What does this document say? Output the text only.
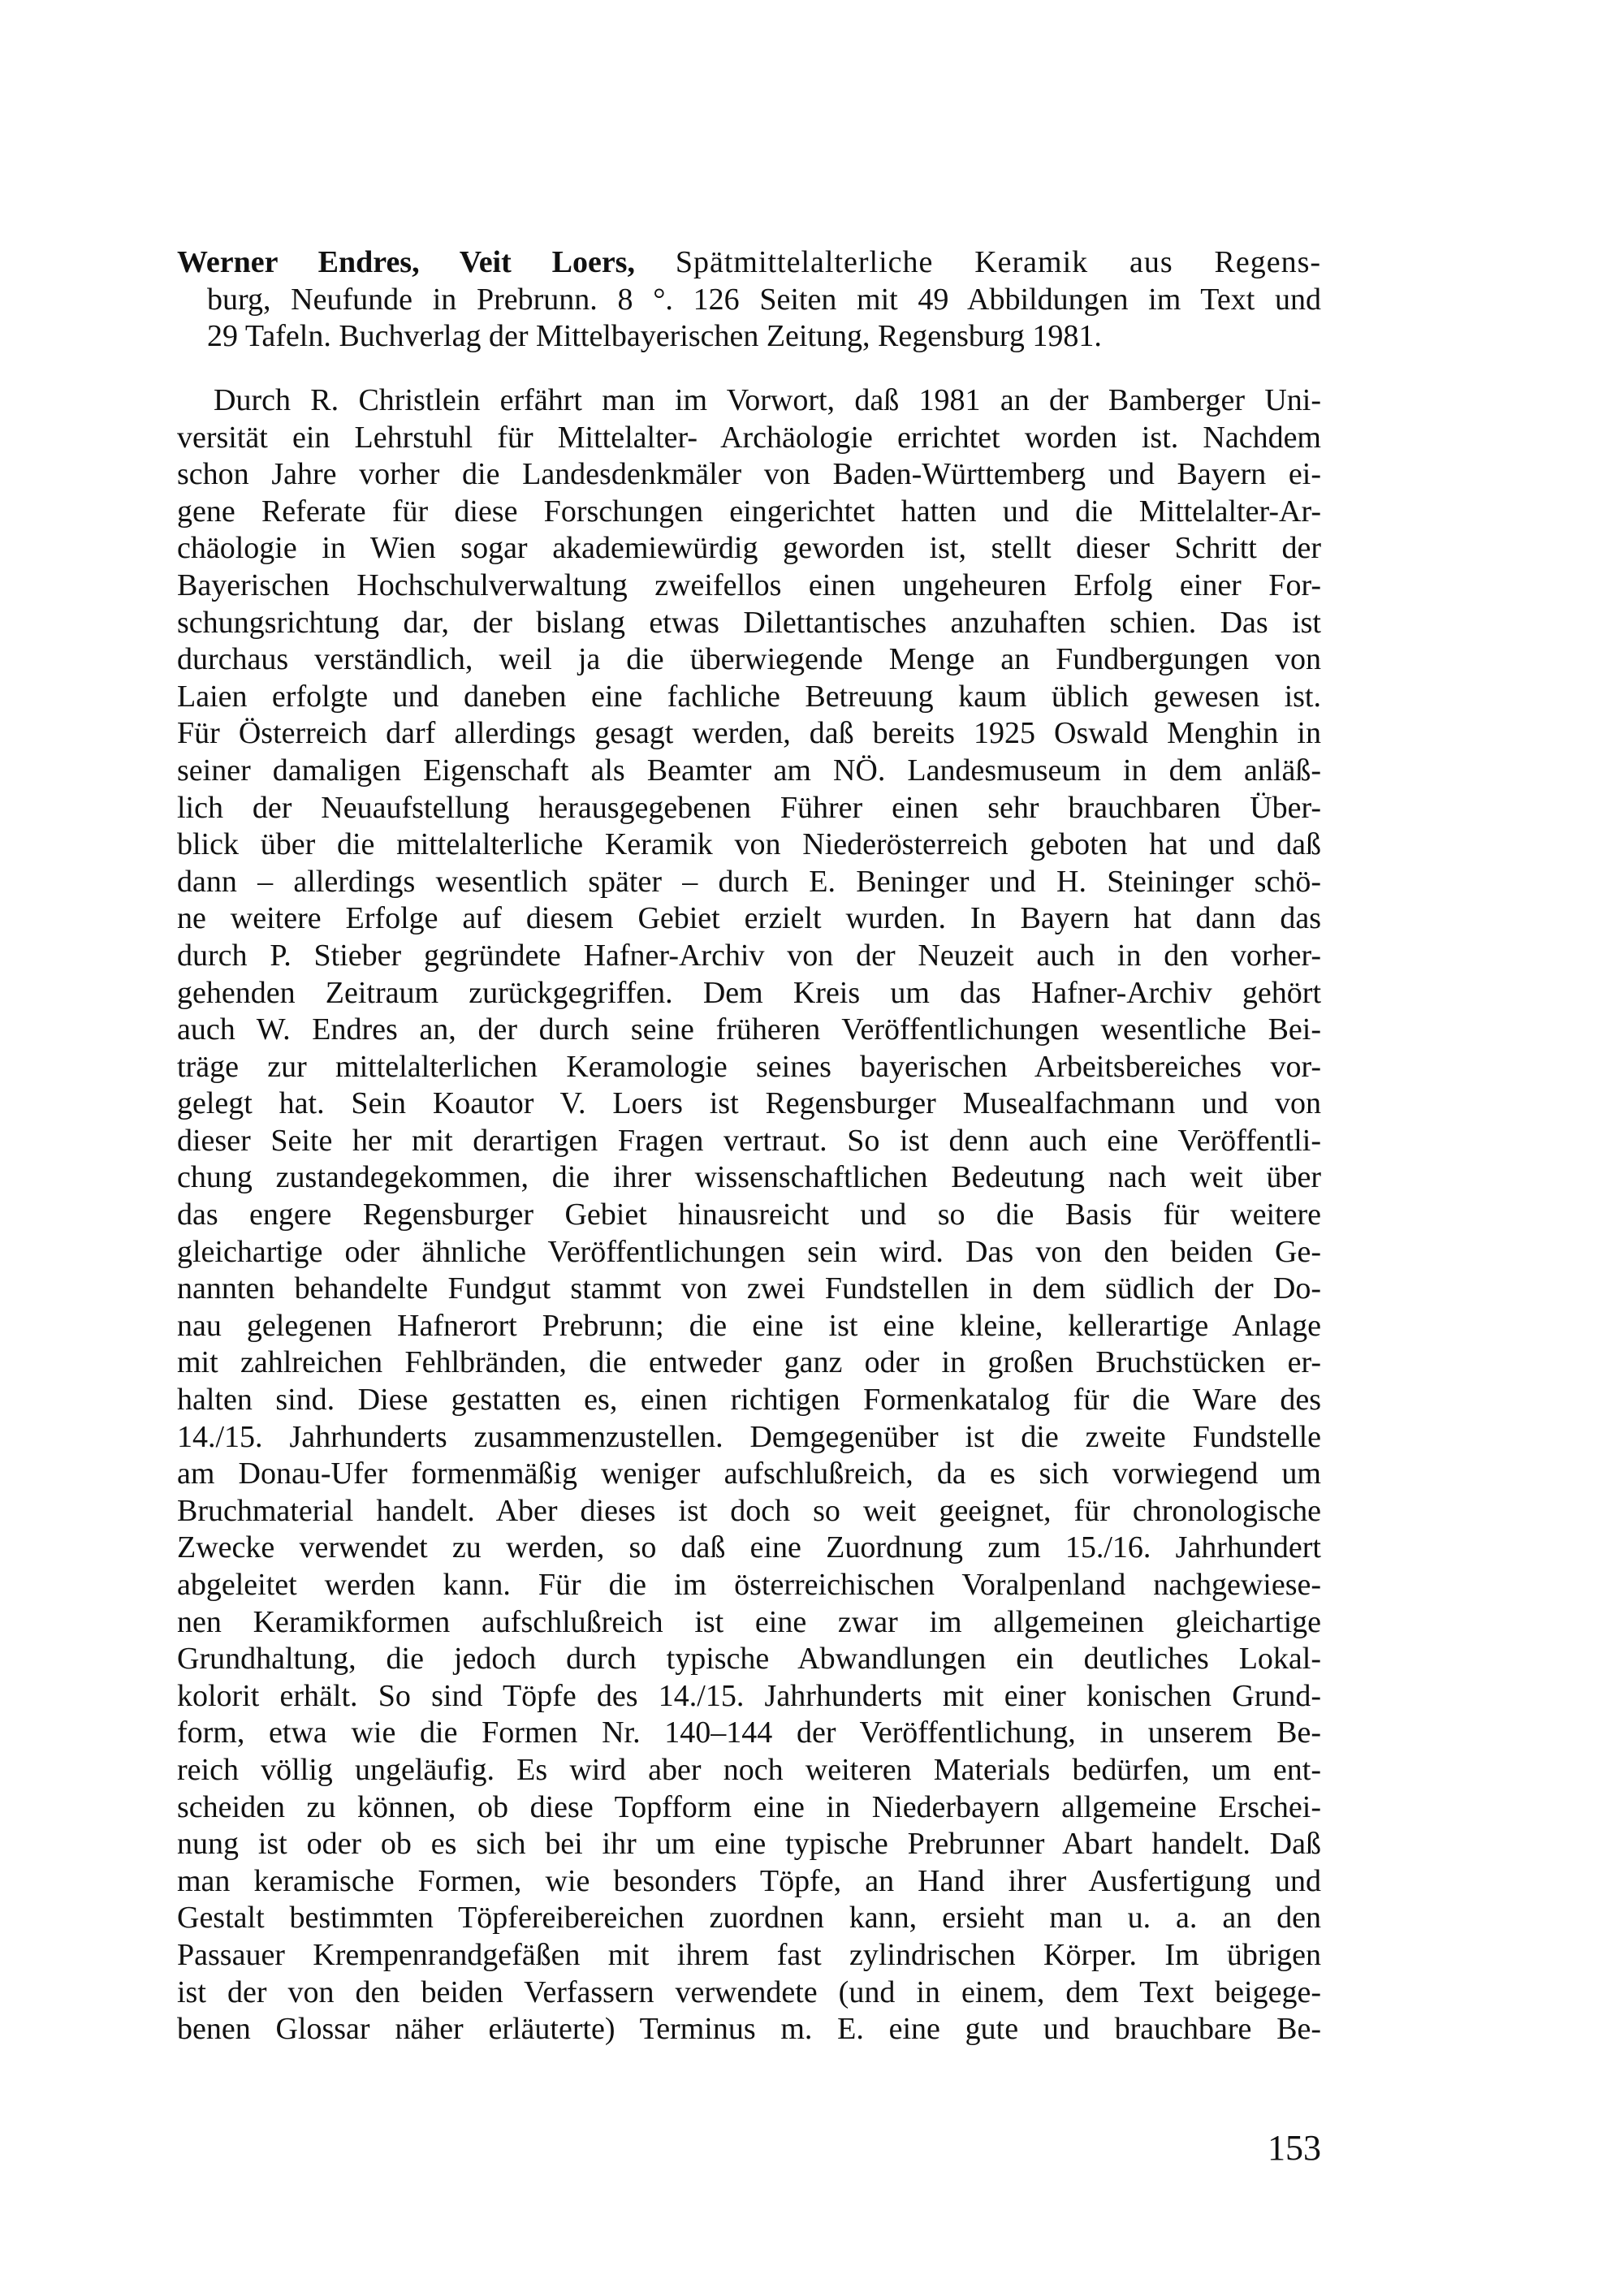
Werner Endres, Veit Loers, Spätmittelalterliche Keramik aus Regens-
burg, Neufunde in Prebrunn. 8 °. 126 Seiten mit 49 Abbildungen im Text und
29 Tafeln. Buchverlag der Mittelbayerischen Zeitung, Regensburg 1981.
Durch R. Christlein erfährt man im Vorwort, daß 1981 an der Bamberger Uni-
versität ein Lehrstuhl für Mittelalter- Archäologie errichtet worden ist. Nachdem
schon Jahre vorher die Landesdenkmäler von Baden-Württemberg und Bayern ei-
gene Referate für diese Forschungen eingerichtet hatten und die Mittelalter-Ar-
chäologie in Wien sogar akademiewürdig geworden ist, stellt dieser Schritt der
Bayerischen Hochschulverwaltung zweifellos einen ungeheuren Erfolg einer For-
schungsrichtung dar, der bislang etwas Dilettantisches anzuhaften schien. Das ist
durchaus verständlich, weil ja die überwiegende Menge an Fundbergungen von
Laien erfolgte und daneben eine fachliche Betreuung kaum üblich gewesen ist.
Für Österreich darf allerdings gesagt werden, daß bereits 1925 Oswald Menghin in
seiner damaligen Eigenschaft als Beamter am NÖ. Landesmuseum in dem anläß-
lich der Neuaufstellung herausgegebenen Führer einen sehr brauchbaren Über-
blick über die mittelalterliche Keramik von Niederösterreich geboten hat und daß
dann – allerdings wesentlich später – durch E. Beninger und H. Steininger schö-
ne weitere Erfolge auf diesem Gebiet erzielt wurden. In Bayern hat dann das
durch P. Stieber gegründete Hafner-Archiv von der Neuzeit auch in den vorher-
gehenden Zeitraum zurückgegriffen. Dem Kreis um das Hafner-Archiv gehört
auch W. Endres an, der durch seine früheren Veröffentlichungen wesentliche Bei-
träge zur mittelalterlichen Keramologie seines bayerischen Arbeitsbereiches vor-
gelegt hat. Sein Koautor V. Loers ist Regensburger Musealfachmann und von
dieser Seite her mit derartigen Fragen vertraut. So ist denn auch eine Veröffentli-
chung zustandegekommen, die ihrer wissenschaftlichen Bedeutung nach weit über
das engere Regensburger Gebiet hinausreicht und so die Basis für weitere
gleichartige oder ähnliche Veröffentlichungen sein wird. Das von den beiden Ge-
nannten behandelte Fundgut stammt von zwei Fundstellen in dem südlich der Do-
nau gelegenen Hafnerort Prebrunn; die eine ist eine kleine, kellerartige Anlage
mit zahlreichen Fehlbränden, die entweder ganz oder in großen Bruchstücken er-
halten sind. Diese gestatten es, einen richtigen Formenkatalog für die Ware des
14./15. Jahrhunderts zusammenzustellen. Demgegenüber ist die zweite Fundstelle
am Donau-Ufer formenmäßig weniger aufschlußreich, da es sich vorwiegend um
Bruchmaterial handelt. Aber dieses ist doch so weit geeignet, für chronologische
Zwecke verwendet zu werden, so daß eine Zuordnung zum 15./16. Jahrhundert
abgeleitet werden kann. Für die im österreichischen Voralpenland nachgewiese-
nen Keramikformen aufschlußreich ist eine zwar im allgemeinen gleichartige
Grundhaltung, die jedoch durch typische Abwandlungen ein deutliches Lokal-
kolorit erhält. So sind Töpfe des 14./15. Jahrhunderts mit einer konischen Grund-
form, etwa wie die Formen Nr. 140–144 der Veröffentlichung, in unserem Be-
reich völlig ungeläufig. Es wird aber noch weiteren Materials bedürfen, um ent-
scheiden zu können, ob diese Topfform eine in Niederbayern allgemeine Erschei-
nung ist oder ob es sich bei ihr um eine typische Prebrunner Abart handelt. Daß
man keramische Formen, wie besonders Töpfe, an Hand ihrer Ausfertigung und
Gestalt bestimmten Töpfereibereichen zuordnen kann, ersieht man u. a. an den
Passauer Krempenrandgefäßen mit ihrem fast zylindrischen Körper. Im übrigen
ist der von den beiden Verfassern verwendete (und in einem, dem Text beigege-
benen Glossar näher erläuterte) Terminus m. E. eine gute und brauchbare Be-
153
